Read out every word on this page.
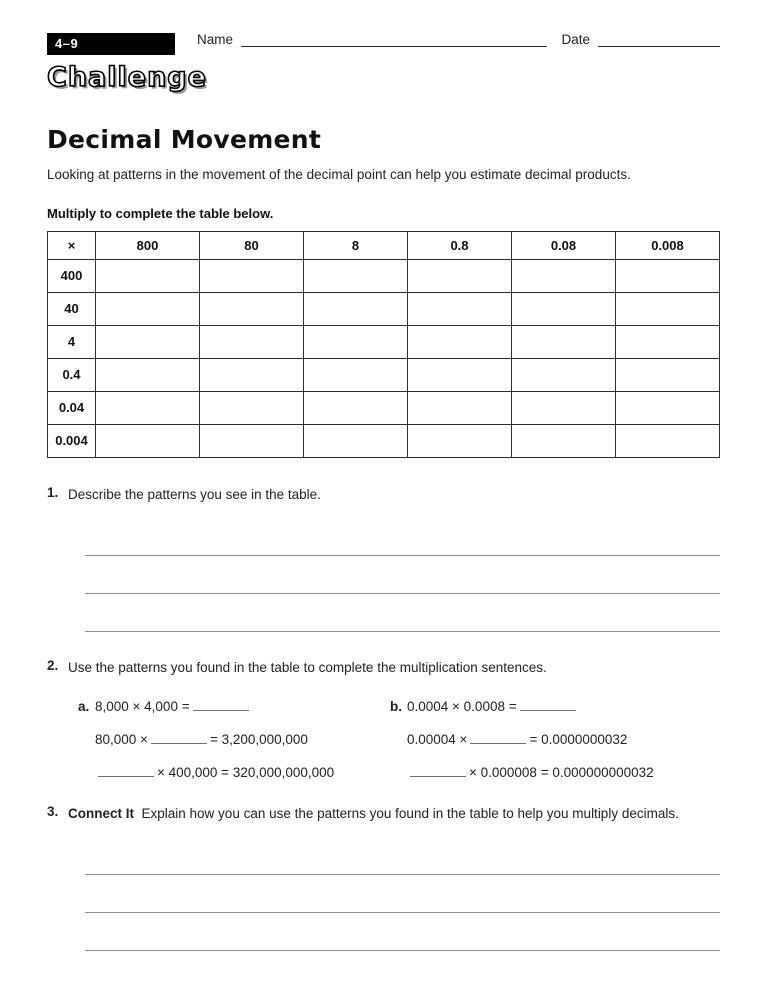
4–9	Name	Date
Challenge
Decimal Movement

Looking at patterns in the movement of the decimal point can help you estimate decimal products.

Multiply to complete the table below.

×	800	80	8	0.8	0.08	0.008
400						
40						
4						
0.4						
0.04						
0.004						
1. Describe the patterns you see in the table.
2. Use the patterns you found in the table to complete the multiplication sentences.
a. 8,000 × 4,000 =	b. 0.0004 × 0.0008 =
80,000 ×	= 3,200,000,000	0.00004 ×	= 0.0000000032
× 400,000 = 320,000,000,000	× 0.000008 = 0.000000000032
3. Connect It Explain how you can use the patterns you found in the table to help you multiply decimals.
